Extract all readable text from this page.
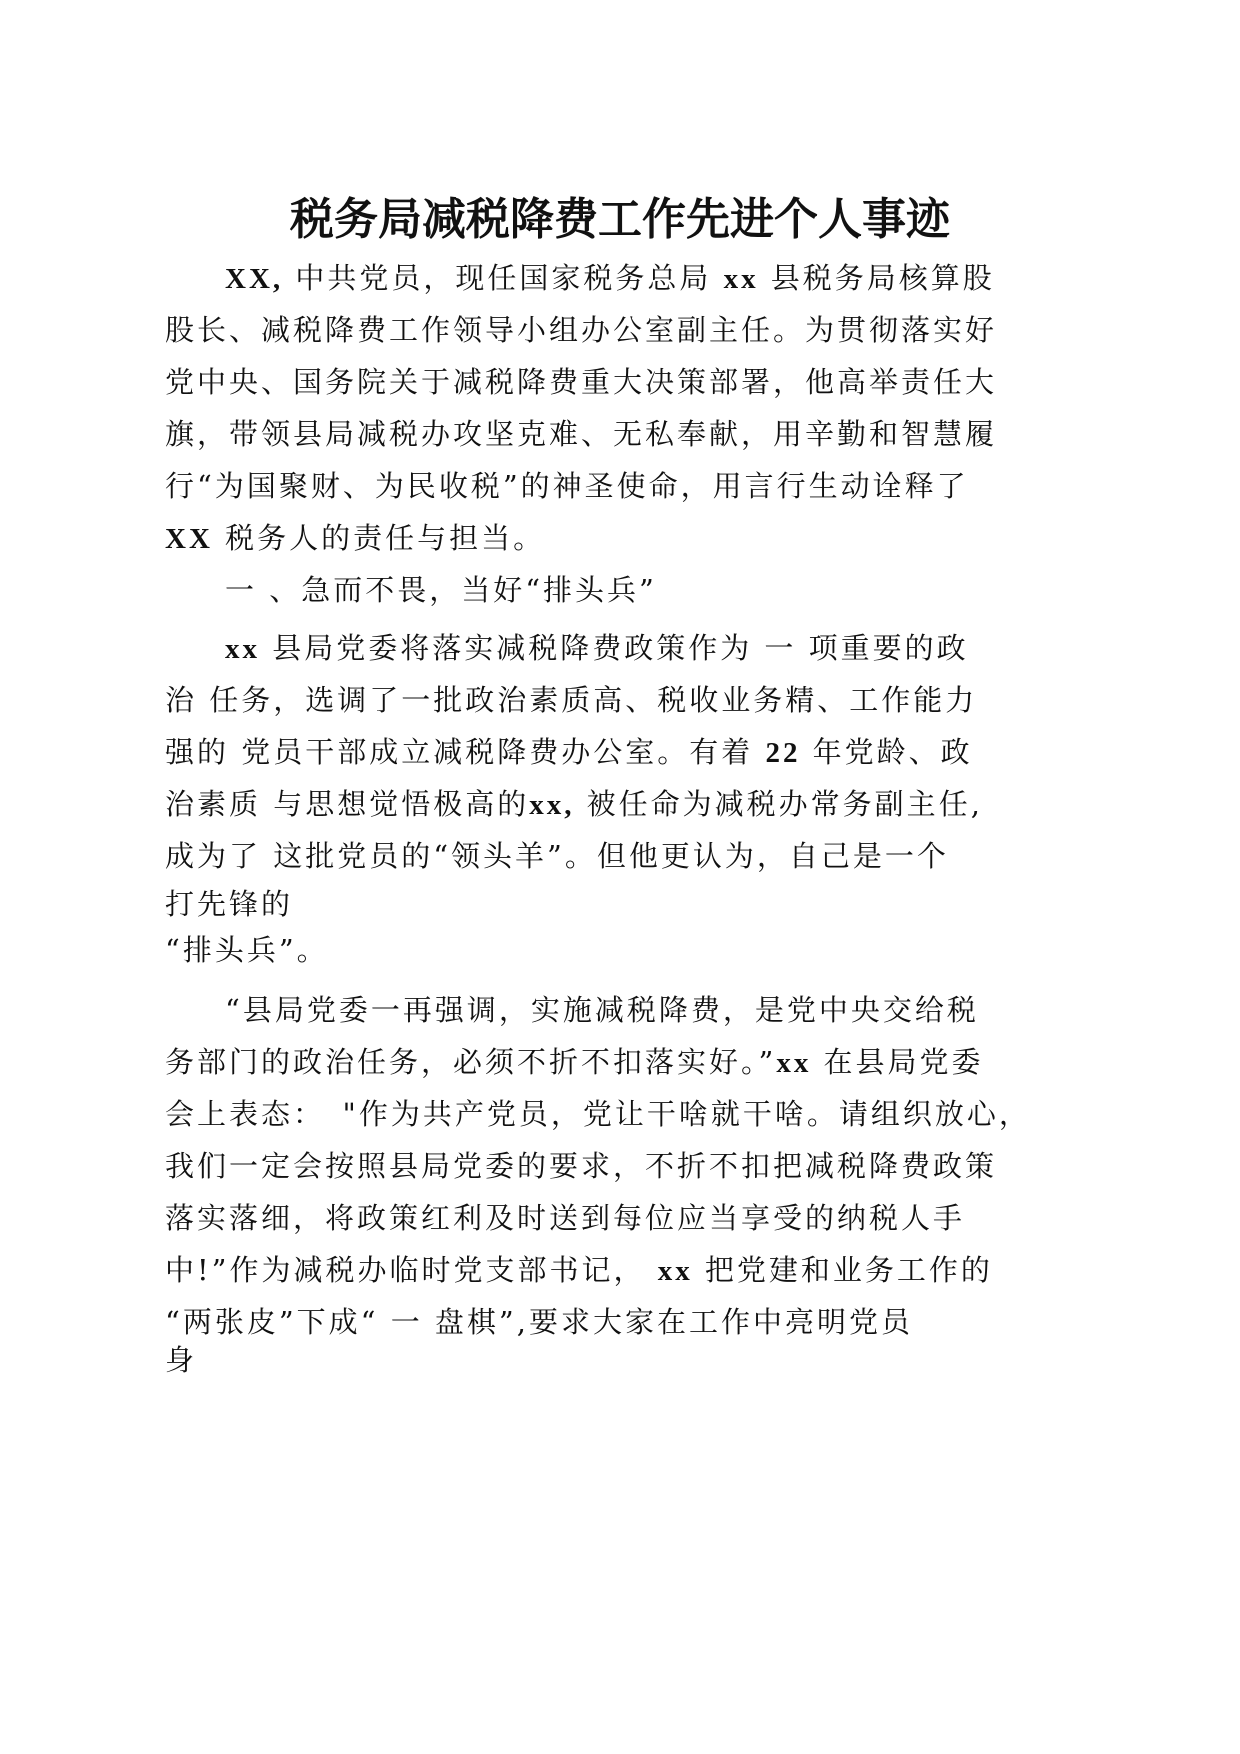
税务局减税降费工作先进个人事迹

XX, 中共党员，现任国家税务总局 xx 县税务局核算股

股长、减税降费工作领导小组办公室副主任。为贯彻落实好

党中央、国务院关于减税降费重大决策部署，他高举责任大

旗，带领县局减税办攻坚克难、无私奉献，用辛勤和智慧履

行“为国聚财、为民收税”的神圣使命，用言行生动诠释了

XX 税务人的责任与担当。

一 、急而不畏，当好“排头兵”

xx 县局党委将落实减税降费政策作为 一 项重要的政

治 任务，选调了一批政治素质高、税收业务精、工作能力

强的 党员干部成立减税降费办公室。有着 22 年党龄、政

治素质 与思想觉悟极高的xx, 被任命为减税办常务副主任,

成为了 这批党员的“领头羊”。但他更认为，自己是一个

打先锋的

“排头兵”。

“县局党委一再强调，实施减税降费，是党中央交给税

务部门的政治任务，必须不折不扣落实好。”xx 在县局党委

会上表态：　"作为共产党员，党让干啥就干啥。请组织放心，

我们一定会按照县局党委的要求，不折不扣把减税降费政策

落实落细，将政策红利及时送到每位应当享受的纳税人手

中!”作为减税办临时党支部书记， xx 把党建和业务工作的

“两张皮”下成“ 一 盘棋”,要求大家在工作中亮明党员

身
